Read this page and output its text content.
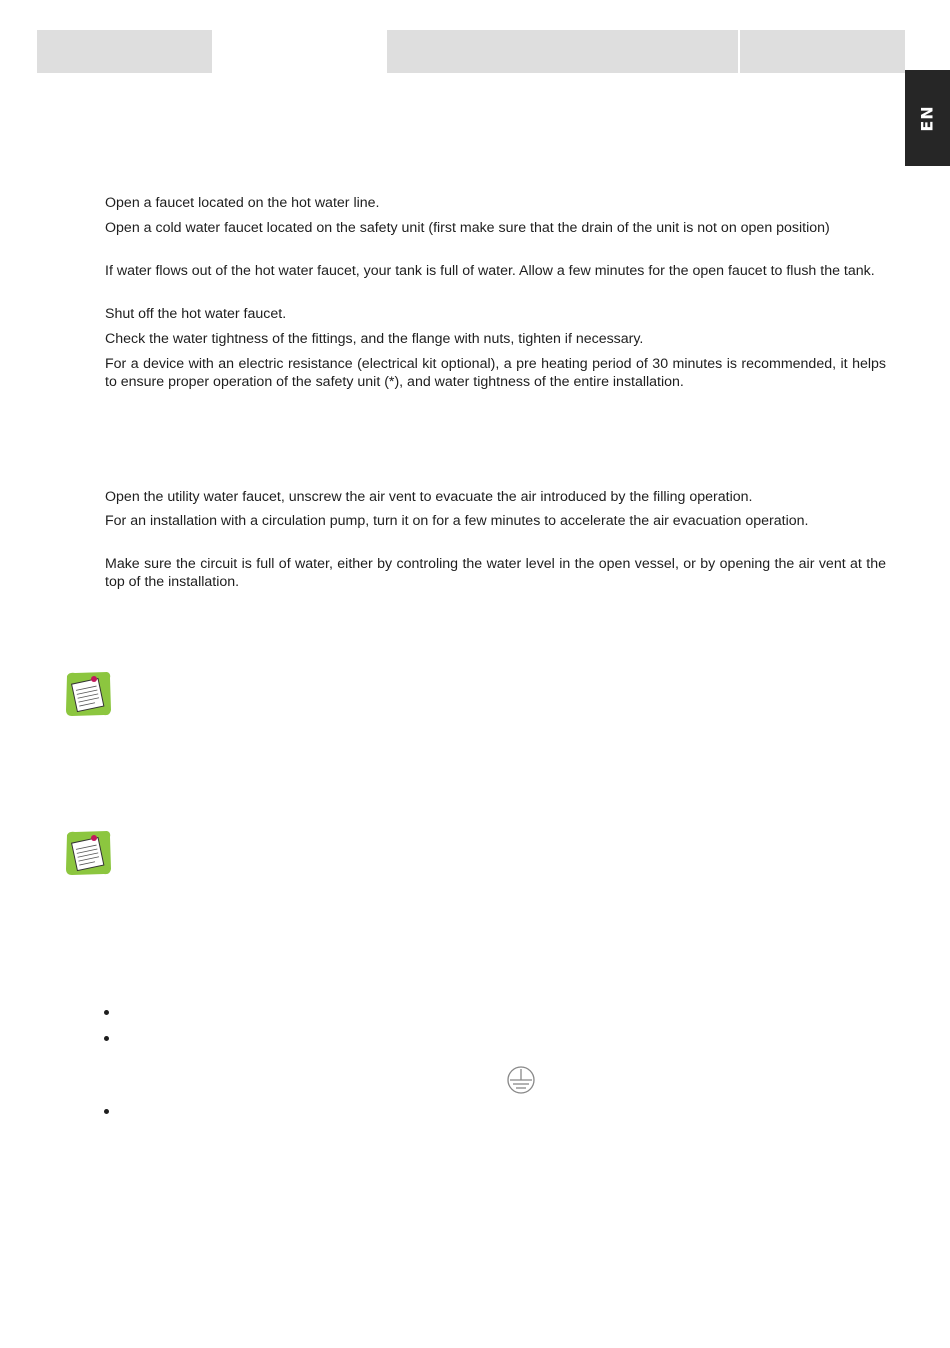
EN

Open a faucet located on the hot water line.

Open a cold water faucet located on the safety unit (first make sure that the drain of the unit is not on open position)

If water flows out of the hot water faucet, your tank is full of water. Allow a few minutes for the open faucet to flush the tank.

Shut off the hot water faucet.

Check the water tightness of the fittings, and the flange with nuts, tighten if necessary.

For a device with an electric resistance (electrical kit optional), a pre heating period of 30 minutes is recommended, it helps to ensure proper operation of the safety unit (*), and water tightness of the entire installation.

Open the utility water faucet, unscrew the air vent to evacuate the air introduced by the filling operation.

For an installation with a circulation pump, turn it on for a few minutes to accelerate the air evacuation operation.

Make sure the circuit is full of water, either by controling the water level in the open vessel, or by opening the air vent at the top of the installation.
